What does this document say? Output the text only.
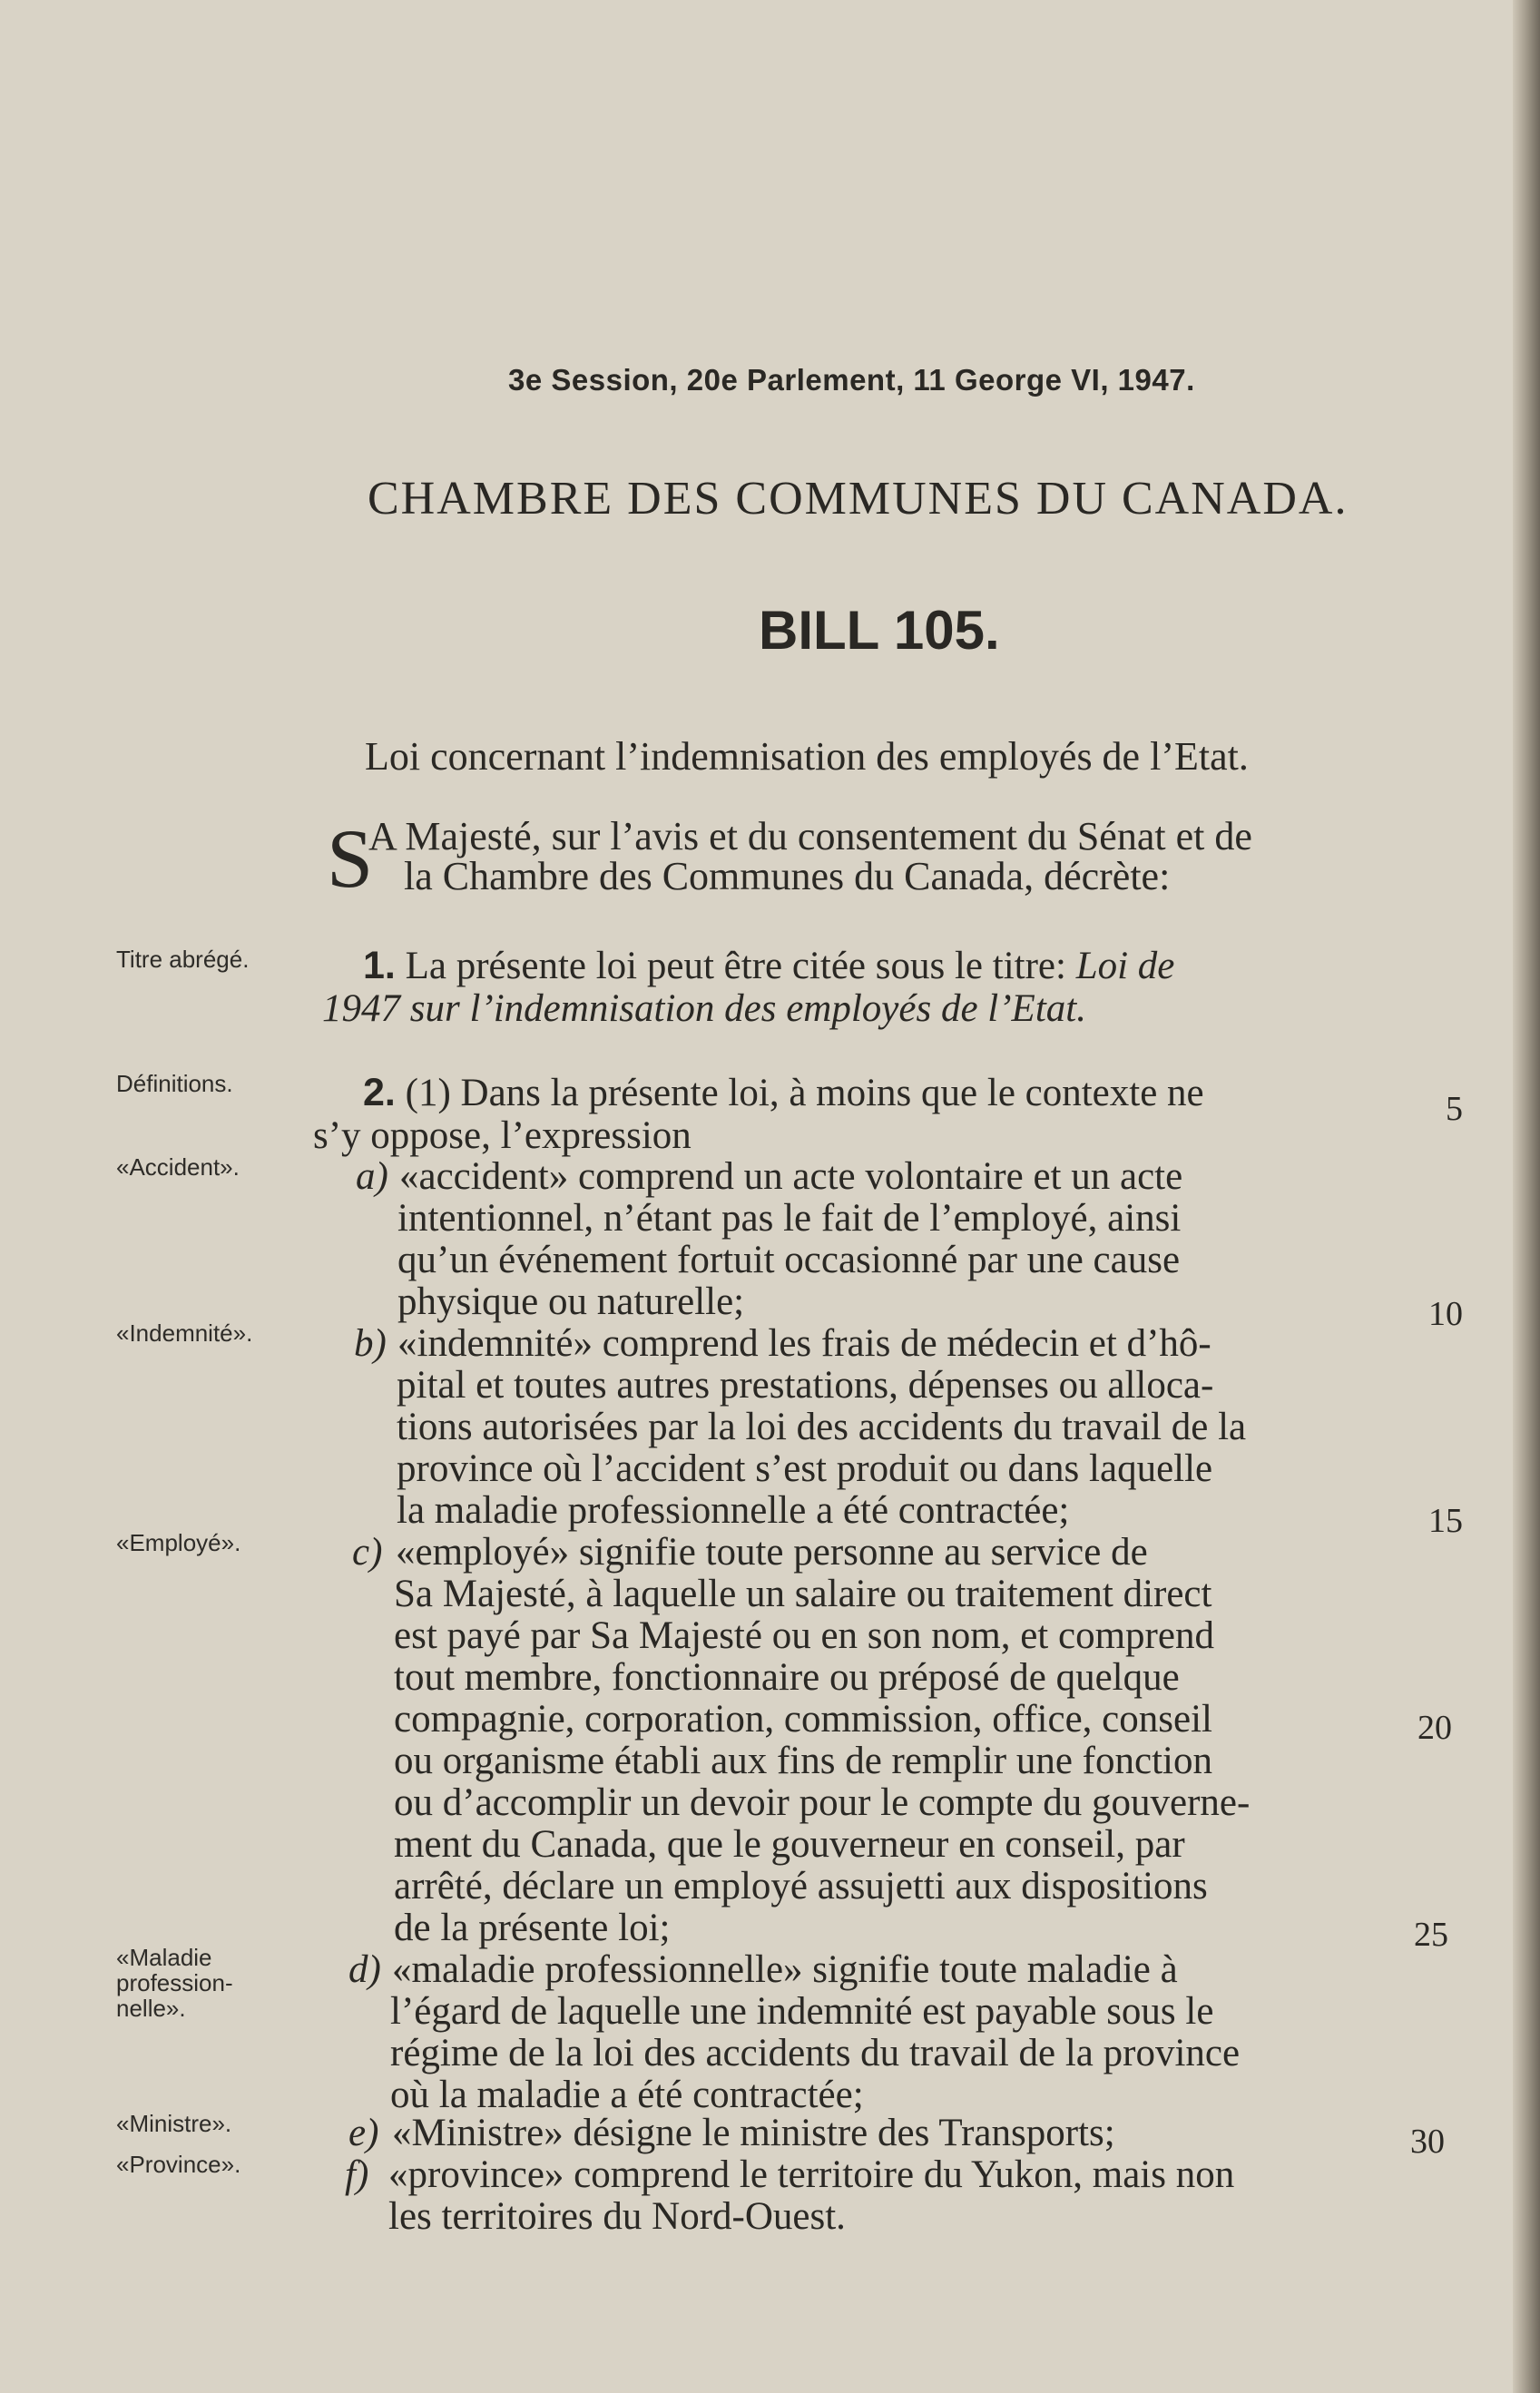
3e Session, 20e Parlement, 11 George VI, 1947.
CHAMBRE DES COMMUNES DU CANADA.
BILL 105.
Loi concernant l’indemnisation des employés de l’Etat.
S
A Majesté, sur l’avis et du consentement du Sénat et de
la Chambre des Communes du Canada, décrète:
Titre abrégé.
Définitions.
«Accident».
«Indemnité».
«Employé».
«Maladie profession- nelle».
«Ministre».
«Province».
1. La présente loi peut être citée sous le titre: Loi de
1947 sur l’indemnisation des employés de l’Etat.
2. (1) Dans la présente loi, à moins que le contexte ne
s’y oppose, l’expression
a) «accident» comprend un acte volontaire et un acte
intentionnel, n’étant pas le fait de l’employé, ainsi
qu’un événement fortuit occasionné par une cause
physique ou naturelle;
b) «indemnité» comprend les frais de médecin et d’hô-
pital et toutes autres prestations, dépenses ou alloca-
tions autorisées par la loi des accidents du travail de la
province où l’accident s’est produit ou dans laquelle
la maladie professionnelle a été contractée;
c) «employé» signifie toute personne au service de
Sa Majesté, à laquelle un salaire ou traitement direct
est payé par Sa Majesté ou en son nom, et comprend
tout membre, fonctionnaire ou préposé de quelque
compagnie, corporation, commission, office, conseil
ou organisme établi aux fins de remplir une fonction
ou d’accomplir un devoir pour le compte du gouverne-
ment du Canada, que le gouverneur en conseil, par
arrêté, déclare un employé assujetti aux dispositions
de la présente loi;
d) «maladie professionnelle» signifie toute maladie à
l’égard de laquelle une indemnité est payable sous le
régime de la loi des accidents du travail de la province
où la maladie a été contractée;
e) «Ministre» désigne le ministre des Transports;
f) «province» comprend le territoire du Yukon, mais non
les territoires du Nord-Ouest.
5
10
15
20
25
30
